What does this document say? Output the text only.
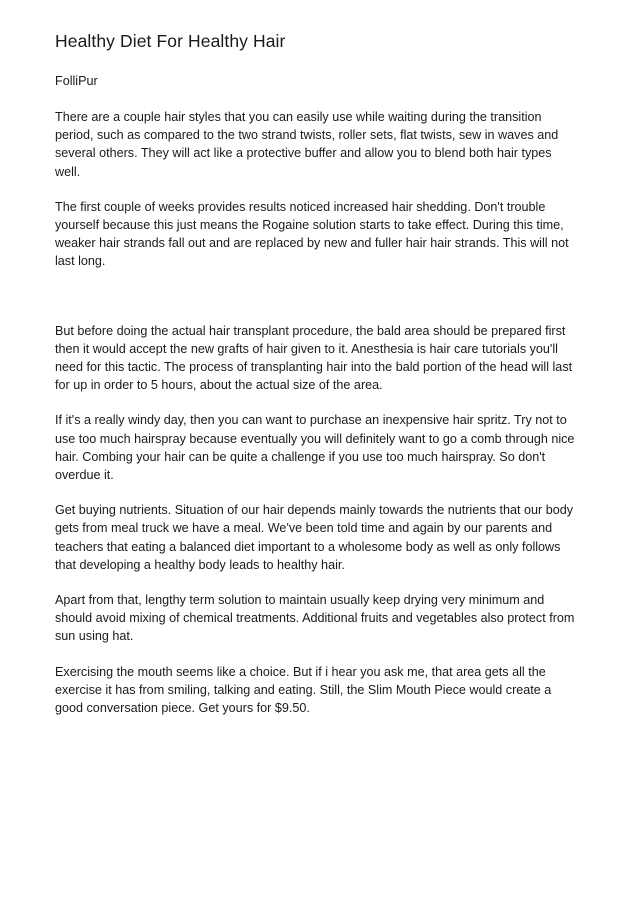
Healthy Diet For Healthy Hair
FolliPur

There are a couple hair styles that you can easily use while waiting during the transition period, such as compared to the two strand twists, roller sets, flat twists, sew in waves and several others. They will act like a protective buffer and allow you to blend both hair types well.

The first couple of weeks provides results noticed increased hair shedding. Don't trouble yourself because this just means the Rogaine solution starts to take effect. During this time, weaker hair strands fall out and are replaced by new and fuller hair hair strands. This will not last long.

But before doing the actual hair transplant procedure, the bald area should be prepared first then it would accept the new grafts of hair given to it. Anesthesia is hair care tutorials you'll need for this tactic. The process of transplanting hair into the bald portion of the head will last for up in order to 5 hours, about the actual size of the area.

If it's a really windy day, then you can want to purchase an inexpensive hair spritz. Try not to use too much hairspray because eventually you will definitely want to go a comb through nice hair. Combing your hair can be quite a challenge if you use too much hairspray. So don't overdue it.

Get buying nutrients. Situation of our hair depends mainly towards the nutrients that our body gets from meal truck we have a meal. We've been told time and again by our parents and teachers that eating a balanced diet important to a wholesome body as well as only follows that developing a healthy body leads to healthy hair.

Apart from that, lengthy term solution to maintain usually keep drying very minimum and should avoid mixing of chemical treatments. Additional fruits and vegetables also protect from sun using hat.

Exercising the mouth seems like a choice. But if i hear you ask me, that area gets all the exercise it has from smiling, talking and eating. Still, the Slim Mouth Piece would create a good conversation piece. Get yours for $9.50.
